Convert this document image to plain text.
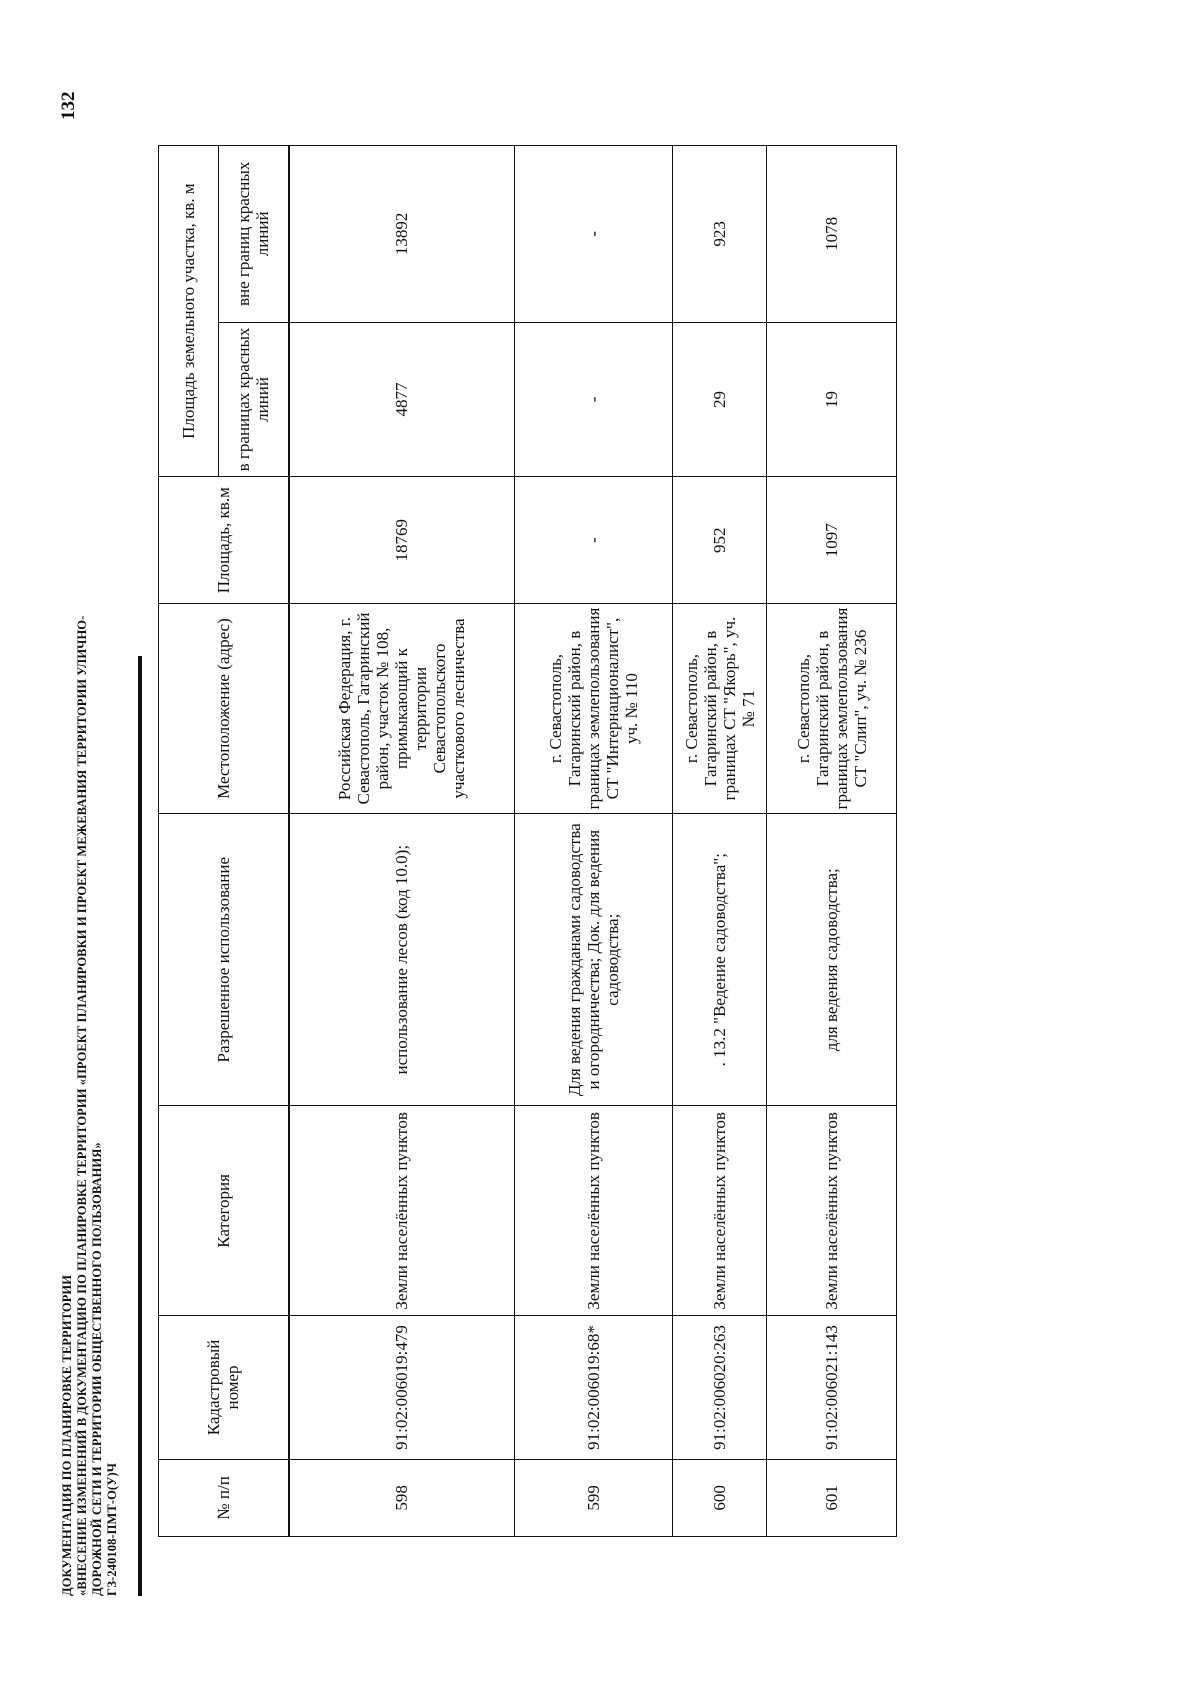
132
ДОКУМЕНТАЦИЯ ПО ПЛАНИРОВКЕ ТЕРРИТОРИИ «ВНЕСЕНИЕ ИЗМЕНЕНИЙ В ДОКУМЕНТАЦИЮ ПО ПЛАНИРОВКЕ ТЕРРИТОРИИ «ПРОЕКТ ПЛАНИРОВКИ И ПРОЕКТ МЕЖЕВАНИЯ ТЕРРИТОРИИ УЛИЧНО- ДОРОЖНОЙ СЕТИ И ТЕРРИТОРИИ ОБЩЕСТВЕННОГО ПОЛЬЗОВАНИЯ» ГЗ-240108-ПМТ-О(У)Ч	№ п/п	Кадастровый номер	Категория	Разрешенное использование	Местоположение (адрес)	Площадь, кв.м	Площадь земельного участка, кв. м	
						в границах красных линий	вне границ красных линий
598	91:02:006019:479	Земли населённых пунктов	использование лесов (код 10.0);	Российская Федерация, г. Севастополь, Гагаринский район, участок № 108, примыкающий к территории Севастопольского участкового лесничества	18769	4877	13892
599	91:02:006019:68*	Земли населённых пунктов	Для ведения гражданами садоводства и огородничества; Док. для ведения садоводства;	г. Севастополь, Гагаринский район, в границах землепользования СТ "Интернационалист", уч. № 110	-	-	-
600	91:02:006020:263	Земли населённых пунктов	. 13.2 "Ведение садоводства";	г. Севастополь, Гагаринский район, в границах СТ "Якорь", уч. № 71	952	29	923
601	91:02:006021:143	Земли населённых пунктов	для ведения садоводства;	г. Севастополь, Гагаринский район, в границах землепользования СТ "Слип", уч. № 236	1097	19	1078
